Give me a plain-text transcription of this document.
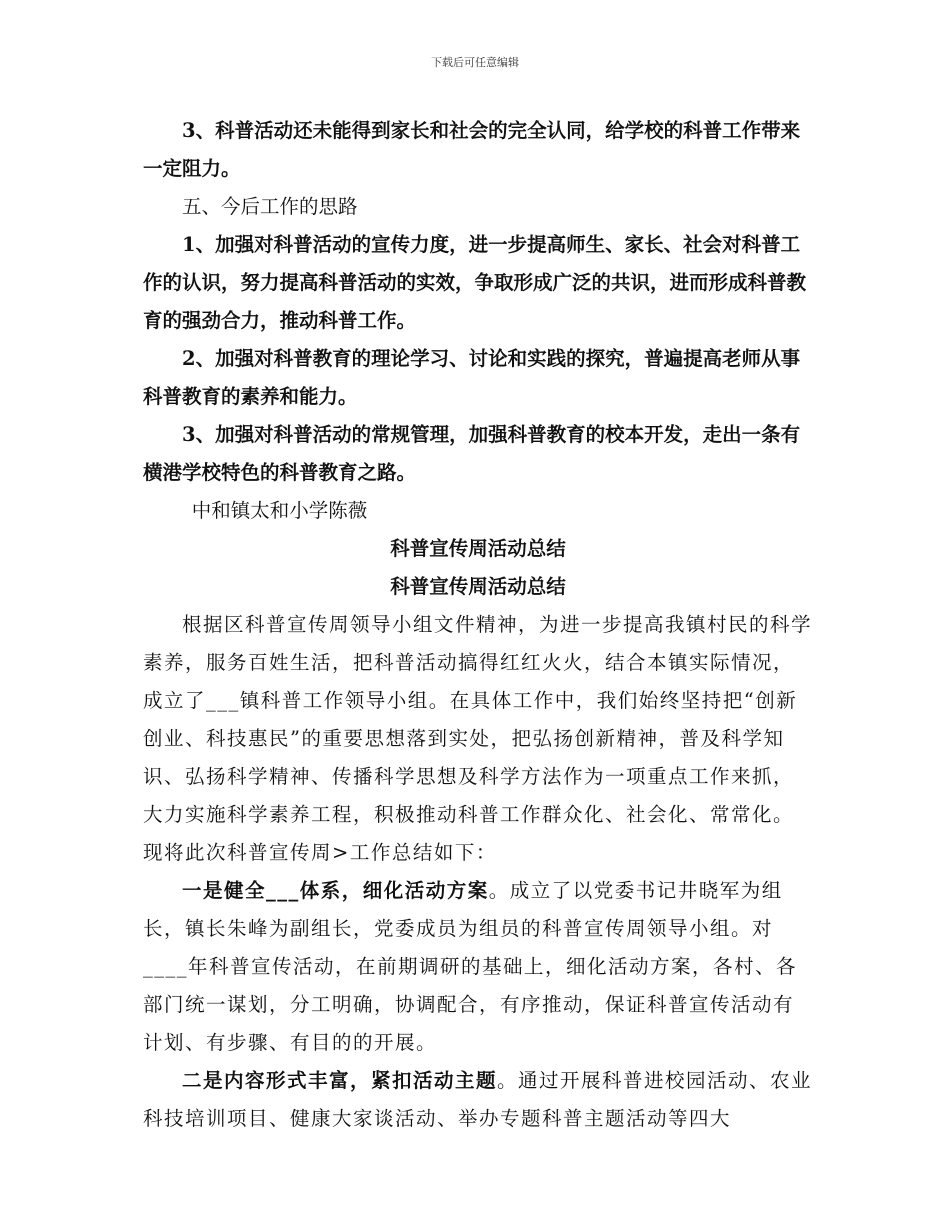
下载后可任意编辑

3、科普活动还未能得到家长和社会的完全认同，给学校的科普工作带来一定阻力。

五、今后工作的思路

1、加强对科普活动的宣传力度，进一步提高师生、家长、社会对科普工作的认识，努力提高科普活动的实效，争取形成广泛的共识，进而形成科普教育的强劲合力，推动科普工作。

2、加强对科普教育的理论学习、讨论和实践的探究，普遍提高老师从事科普教育的素养和能力。

3、加强对科普活动的常规管理，加强科普教育的校本开发，走出一条有横港学校特色的科普教育之路。

中和镇太和小学陈薇

科普宣传周活动总结

科普宣传周活动总结

根据区科普宣传周领导小组文件精神，为进一步提高我镇村民的科学素养，服务百姓生活，把科普活动搞得红红火火，结合本镇实际情况，成立了___镇科普工作领导小组。在具体工作中，我们始终坚持把“创新创业、科技惠民”的重要思想落到实处，把弘扬创新精神，普及科学知识、弘扬科学精神、传播科学思想及科学方法作为一项重点工作来抓，大力实施科学素养工程，积极推动科普工作群众化、社会化、常常化。现将此次科普宣传周>工作总结如下：

一是健全___体系，细化活动方案。成立了以党委书记井晓军为组长，镇长朱峰为副组长，党委成员为组员的科普宣传周领导小组。对____年科普宣传活动，在前期调研的基础上，细化活动方案，各村、各部门统一谋划，分工明确，协调配合，有序推动，保证科普宣传活动有计划、有步骤、有目的的开展。

二是内容形式丰富，紧扣活动主题。通过开展科普进校园活动、农业科技培训项目、健康大家谈活动、举办专题科普主题活动等四大
